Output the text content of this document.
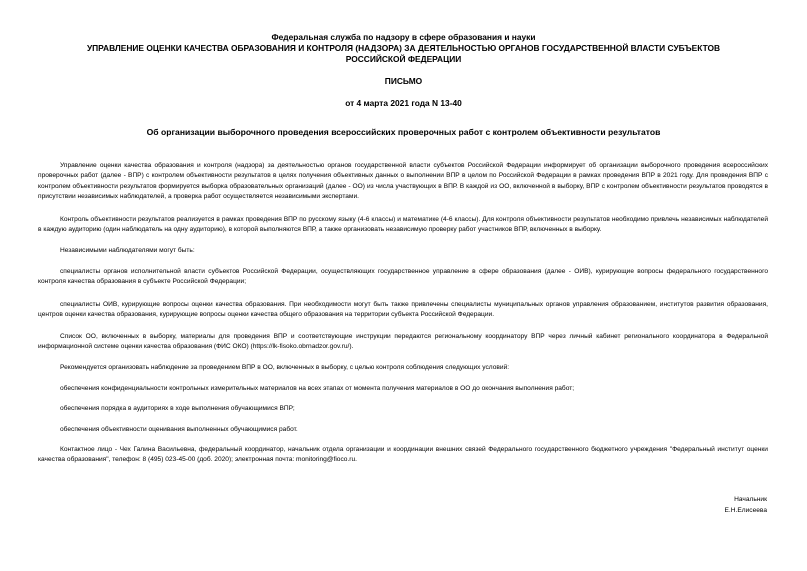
Федеральная служба по надзору в сфере образования и науки
УПРАВЛЕНИЕ ОЦЕНКИ КАЧЕСТВА ОБРАЗОВАНИЯ И КОНТРОЛЯ (НАДЗОРА) ЗА ДЕЯТЕЛЬНОСТЬЮ ОРГАНОВ ГОСУДАРСТВЕННОЙ ВЛАСТИ СУБЪЕКТОВ
РОССИЙСКОЙ ФЕДЕРАЦИИ
ПИСЬМО
от 4 марта 2021 года N 13-40
Об организации выборочного проведения всероссийских проверочных работ с контролем объективности результатов

Управление оценки качества образования и контроля (надзора) за деятельностью органов государственной власти субъектов Российской Федерации информирует об организации выборочного проведения всероссийских проверочных работ (далее - ВПР) с контролем объективности результатов в целях получения объективных данных о выполнении ВПР в целом по Российской Федерации в рамках проведения ВПР в 2021 году. Для проведения ВПР с контролем объективности результатов формируется выборка образовательных организаций (далее - ОО) из числа участвующих в ВПР. В каждой из ОО, включенной в выборку, ВПР с контролем объективности результатов проводятся в присутствии независимых наблюдателей, а проверка работ осуществляется независимыми экспертами.

Контроль объективности результатов реализуется в рамках проведения ВПР по русскому языку (4-6 классы) и математике (4-6 классы). Для контроля объективности результатов необходимо привлечь независимых наблюдателей в каждую аудиторию (один наблюдатель на одну аудиторию), в которой выполняются ВПР, а также организовать независимую проверку работ участников ВПР, включенных в выборку.

Независимыми наблюдателями могут быть:

специалисты органов исполнительной власти субъектов Российской Федерации, осуществляющих государственное управление в сфере образования (далее - ОИВ), курирующие вопросы федерального государственного контроля качества образования в субъекте Российской Федерации;

специалисты ОИВ, курирующие вопросы оценки качества образования. При необходимости могут быть также привлечены специалисты муниципальных органов управления образованием, институтов развития образования, центров оценки качества образования, курирующие вопросы оценки качества общего образования на территории субъекта Российской Федерации.

Список ОО, включенных в выборку, материалы для проведения ВПР и соответствующие инструкции передаются региональному координатору ВПР через личный кабинет регионального координатора в Федеральной информационной системе оценки качества образования (ФИС ОКО) (https://lk-fisoko.obrnadzor.gov.ru/).

Рекомендуется организовать наблюдение за проведением ВПР в ОО, включенных в выборку, с целью контроля соблюдения следующих условий:

обеспечения конфиденциальности контрольных измерительных материалов на всех этапах от момента получения материалов в ОО до окончания выполнения работ;

обеспечения порядка в аудиториях в ходе выполнения обучающимися ВПР;

обеспечения объективности оценивания выполненных обучающимися работ.

Контактное лицо - Чех Галина Васильевна, федеральный координатор, начальник отдела организации и координации внешних связей Федерального государственного бюджетного учреждения "Федеральный институт оценки качества образования", телефон: 8 (495) 023-45-00 (доб. 2020); электронная почта: monitoring@fioco.ru.

Начальник
Е.Н.Елисеева
